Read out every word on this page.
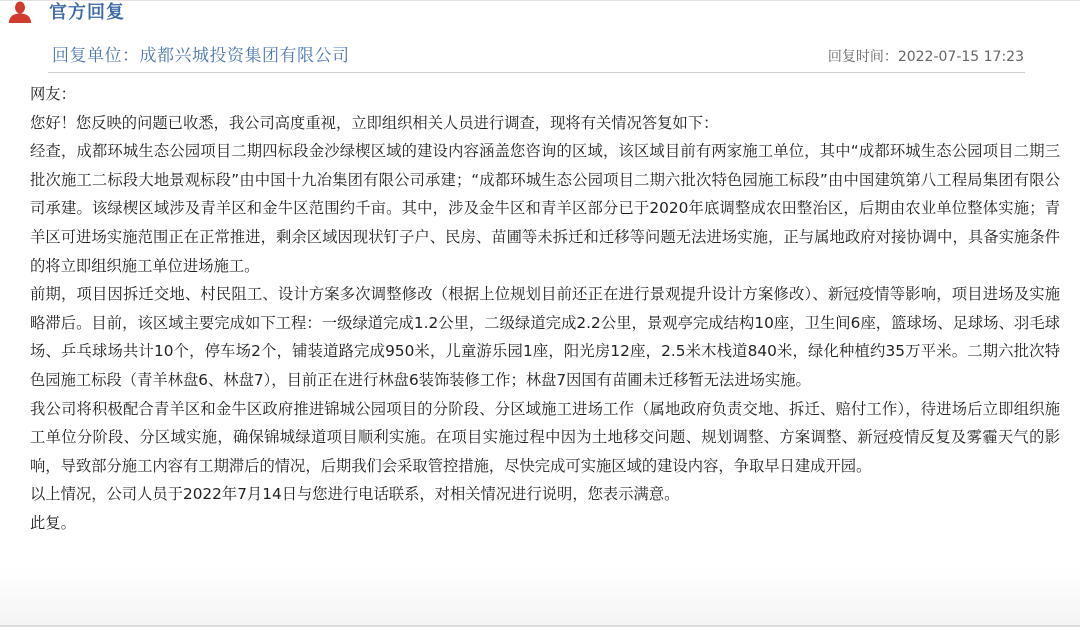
官方回复
回复单位：成都兴城投资集团有限公司	回复时间：2022-07-15 17:23

网友：

您好！您反映的问题已收悉，我公司高度重视，立即组织相关人员进行调查，现将有关情况答复如下：

经查，成都环城生态公园项目二期四标段金沙绿楔区域的建设内容涵盖您咨询的区域，该区域目前有两家施工单位，其中“成都环城生态公园项目二期三批次施工二标段大地景观标段”由中国十九冶集团有限公司承建；“成都环城生态公园项目二期六批次特色园施工标段”由中国建筑第八工程局集团有限公司承建。该绿楔区域涉及青羊区和金牛区范围约千亩。其中，涉及金牛区和青羊区部分已于2020年底调整成农田整治区，后期由农业单位整体实施；青羊区可进场实施范围正在正常推进，剩余区域因现状钉子户、民房、苗圃等未拆迁和迁移等问题无法进场实施，正与属地政府对接协调中，具备实施条件的将立即组织施工单位进场施工。

前期，项目因拆迁交地、村民阻工、设计方案多次调整修改（根据上位规划目前还正在进行景观提升设计方案修改）、新冠疫情等影响，项目进场及实施略滞后。目前，该区域主要完成如下工程：一级绿道完成1.2公里，二级绿道完成2.2公里，景观亭完成结构10座，卫生间6座，篮球场、足球场、羽毛球场、乒乓球场共计10个，停车场2个，铺装道路完成950米，儿童游乐园1座，阳光房12座，2.5米木栈道840米，绿化种植约35万平米。二期六批次特色园施工标段（青羊林盘6、林盘7），目前正在进行林盘6装饰装修工作；林盘7因国有苗圃未迁移暂无法进场实施。

我公司将积极配合青羊区和金牛区政府推进锦城公园项目的分阶段、分区域施工进场工作（属地政府负责交地、拆迁、赔付工作），待进场后立即组织施工单位分阶段、分区域实施，确保锦城绿道项目顺利实施。在项目实施过程中因为土地移交问题、规划调整、方案调整、新冠疫情反复及雾霾天气的影响，导致部分施工内容有工期滞后的情况，后期我们会采取管控措施，尽快完成可实施区域的建设内容，争取早日建成开园。

以上情况，公司人员于2022年7月14日与您进行电话联系，对相关情况进行说明，您表示满意。

此复。
